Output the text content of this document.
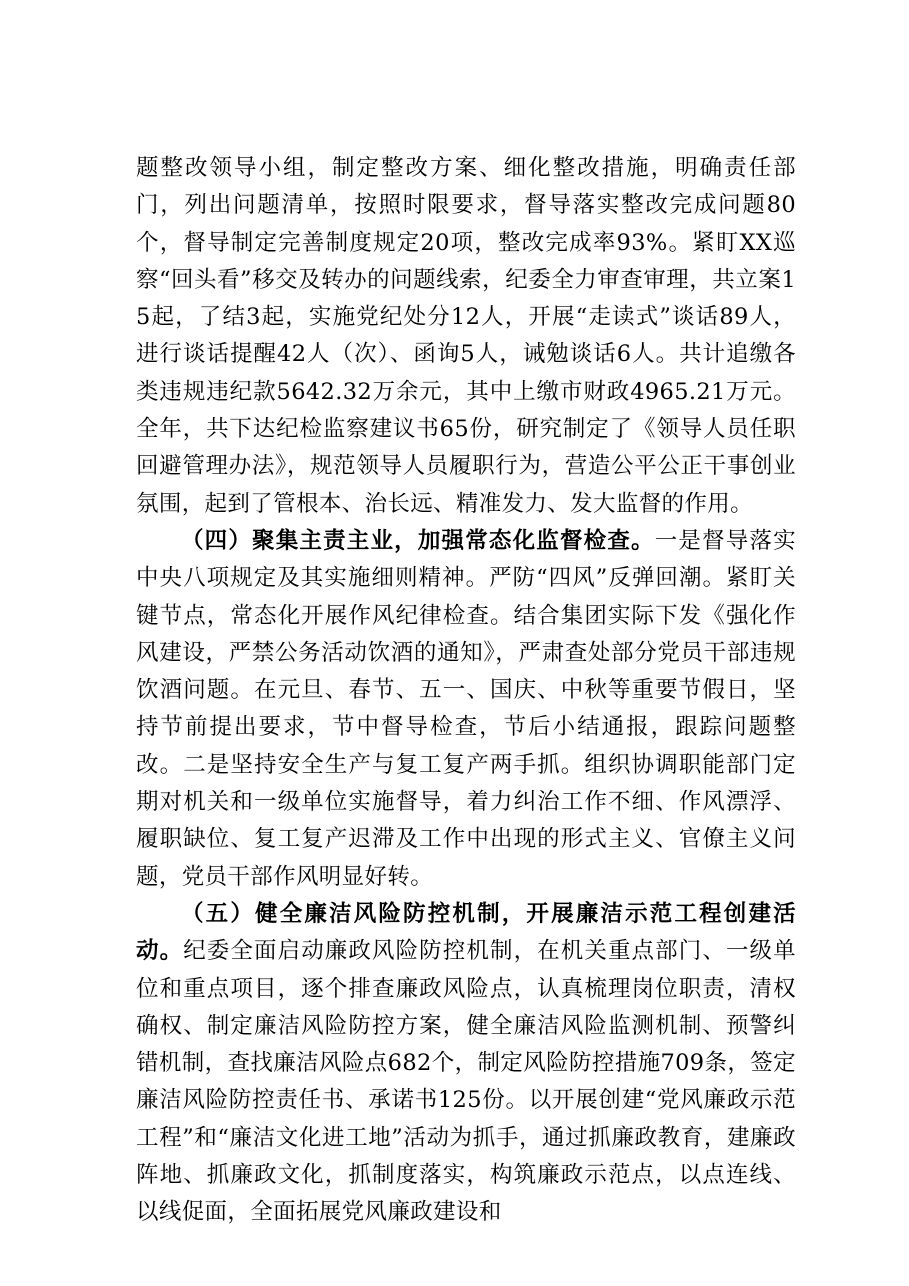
题整改领导小组，制定整改方案、细化整改措施，明确责任部门，列出问题清单，按照时限要求，督导落实整改完成问题80个，督导制定完善制度规定20项，整改完成率93%。紧盯XX巡察“回头看”移交及转办的问题线索，纪委全力审查审理，共立案15起，了结3起，实施党纪处分12人，开展“走读式”谈话89人，进行谈话提醒42人（次）、函询5人，诫勉谈话6人。共计追缴各类违规违纪款5642.32万余元，其中上缴市财政4965.21万元。全年，共下达纪检监察建议书65份，研究制定了《领导人员任职回避管理办法》，规范领导人员履职行为，营造公平公正干事创业氛围，起到了管根本、治长远、精准发力、发大监督的作用。

（四）聚集主责主业，加强常态化监督检查。一是督导落实中央八项规定及其实施细则精神。严防“四风”反弹回潮。紧盯关键节点，常态化开展作风纪律检查。结合集团实际下发《强化作风建设，严禁公务活动饮酒的通知》，严肃查处部分党员干部违规饮酒问题。在元旦、春节、五一、国庆、中秋等重要节假日，坚持节前提出要求，节中督导检查，节后小结通报，跟踪问题整改。二是坚持安全生产与复工复产两手抓。组织协调职能部门定期对机关和一级单位实施督导，着力纠治工作不细、作风漂浮、履职缺位、复工复产迟滞及工作中出现的形式主义、官僚主义问题，党员干部作风明显好转。

（五）健全廉洁风险防控机制，开展廉洁示范工程创建活动。纪委全面启动廉政风险防控机制，在机关重点部门、一级单位和重点项目，逐个排查廉政风险点，认真梳理岗位职责，清权确权、制定廉洁风险防控方案，健全廉洁风险监测机制、预警纠错机制，查找廉洁风险点682个，制定风险防控措施709条，签定廉洁风险防控责任书、承诺书125份。以开展创建“党风廉政示范工程”和“廉洁文化进工地”活动为抓手，通过抓廉政教育，建廉政阵地、抓廉政文化，抓制度落实，构筑廉政示范点，以点连线、以线促面，全面拓展党风廉政建设和
